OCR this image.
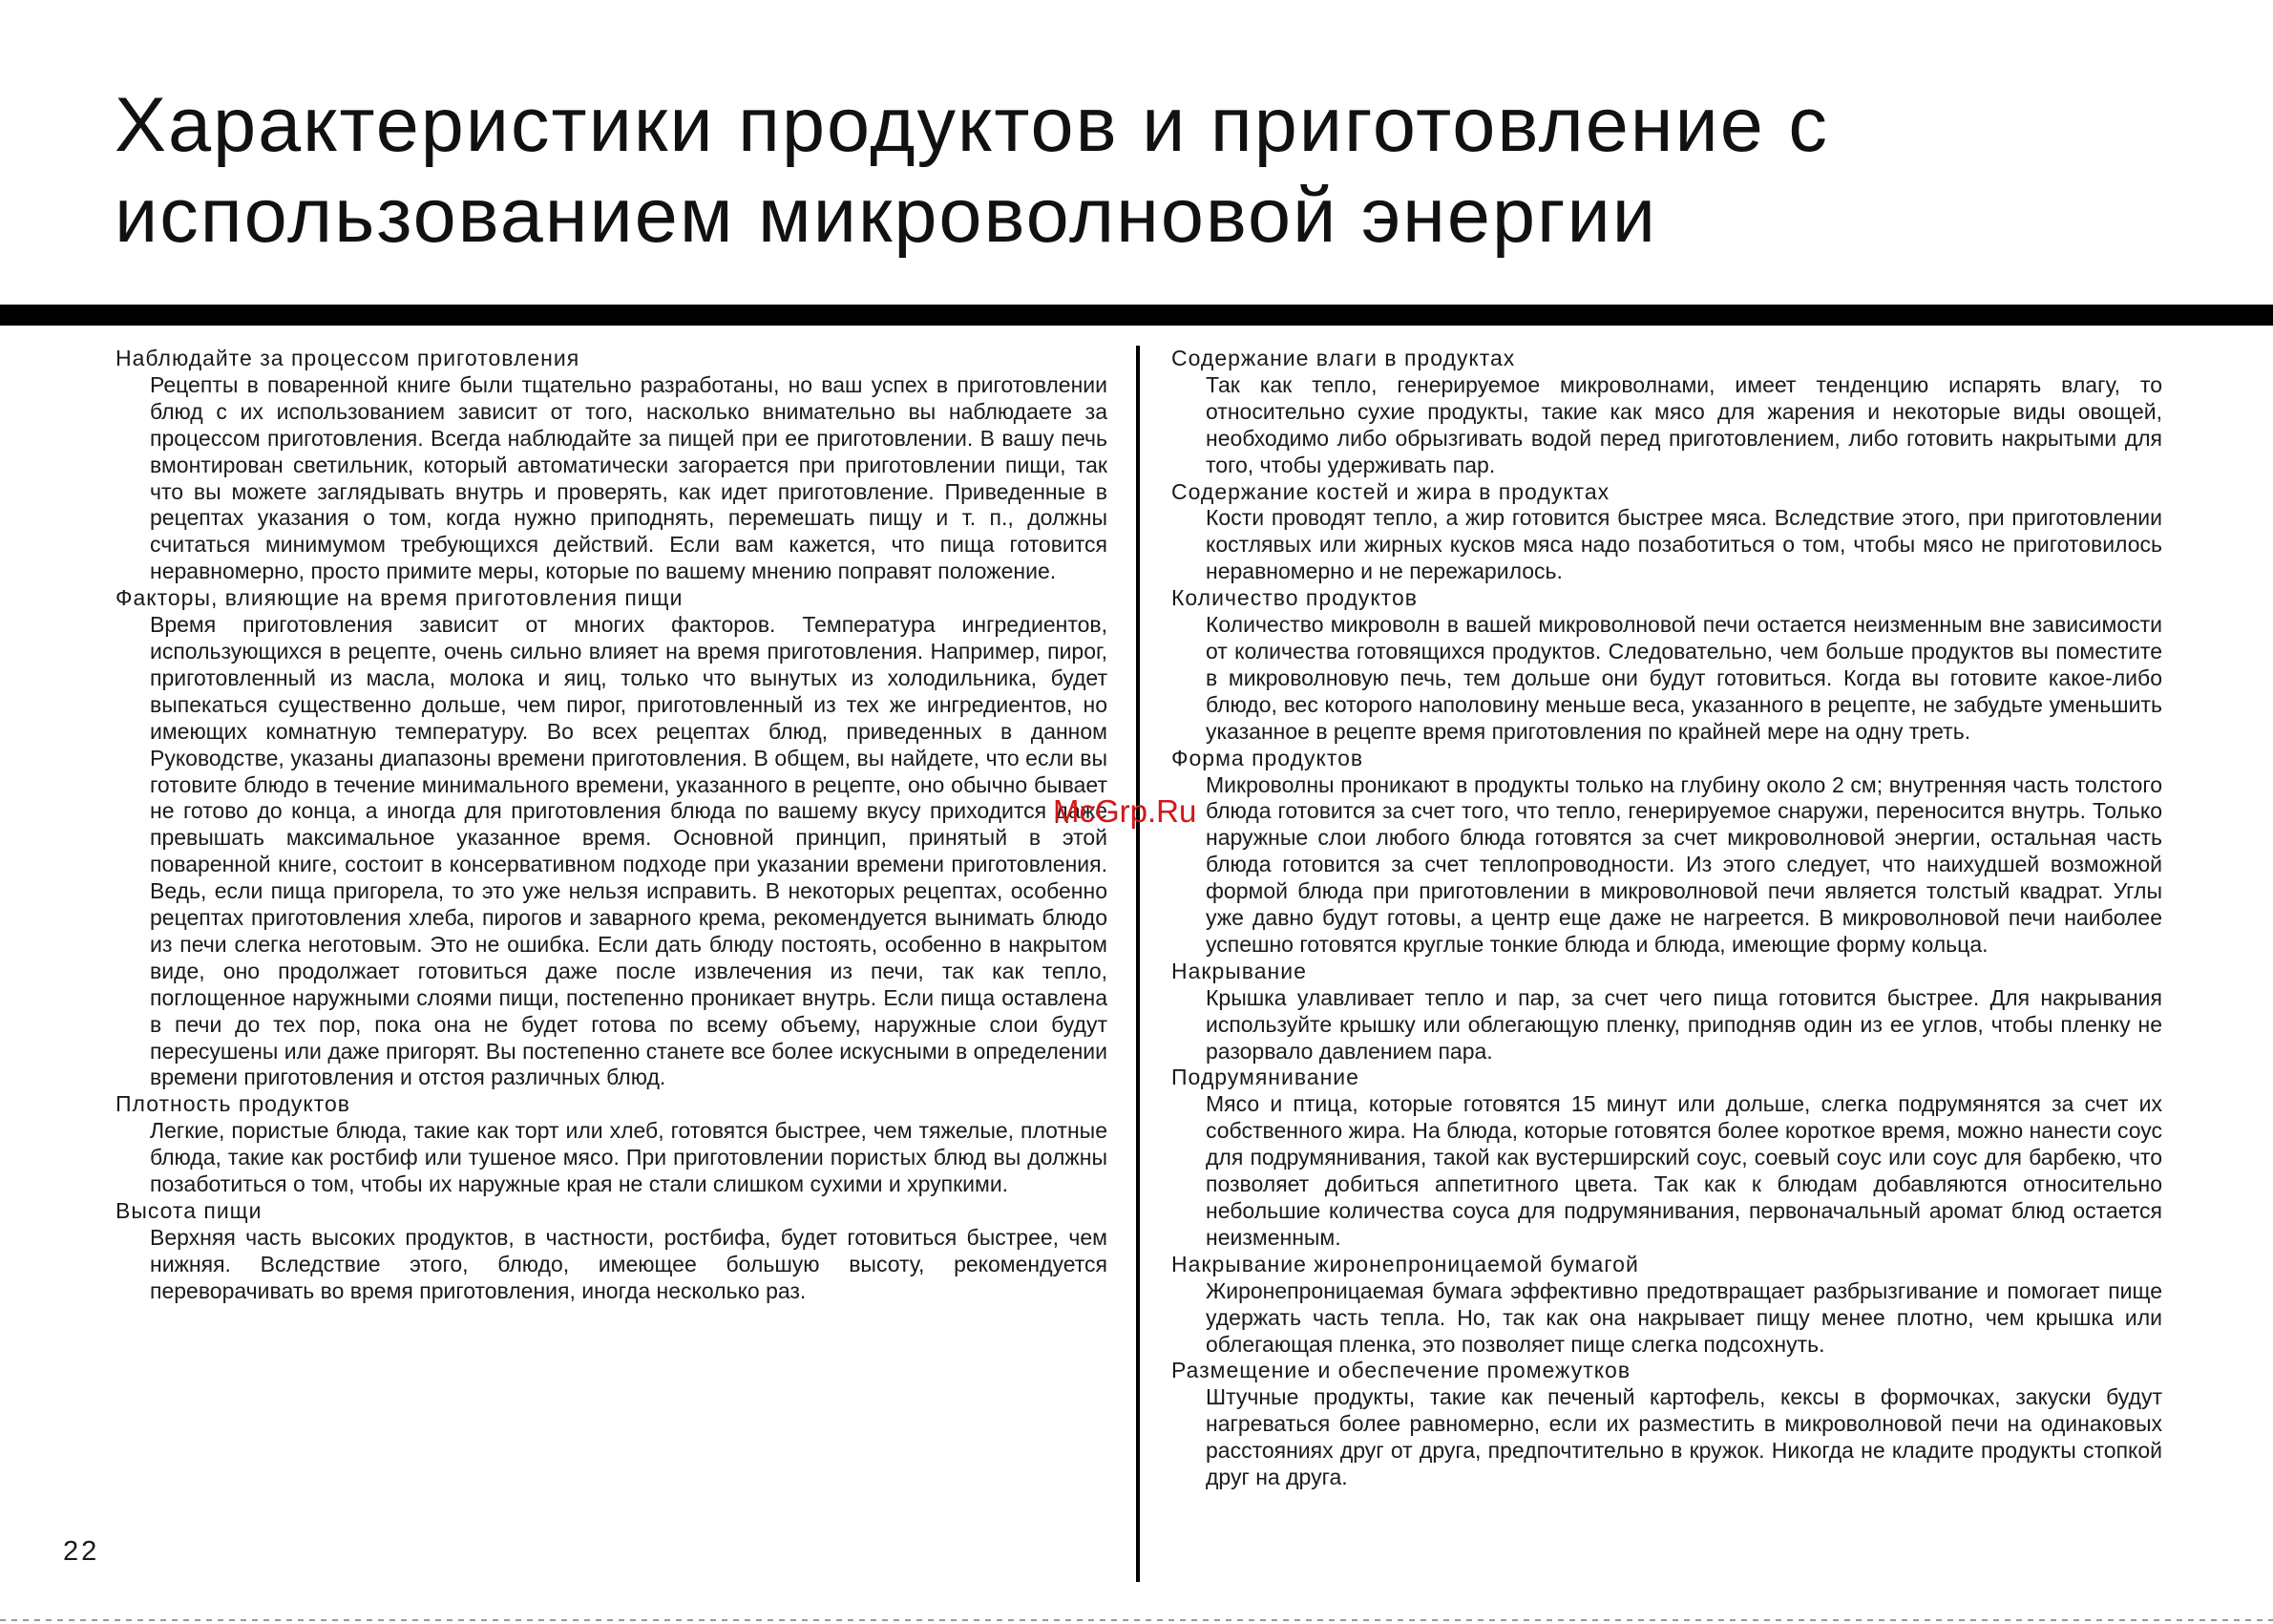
Характеристики продуктов и приготовление с использованием микроволновой энергии

Наблюдайте за процессом приготовления

Рецепты в поваренной книге были тщательно разработаны, но ваш успех в приготовлении блюд с их использованием зависит от того, насколько внимательно вы наблюдаете за процессом приготовления. Всегда наблюдайте за пищей при ее приготовлении. В вашу печь вмонтирован светильник, который автоматически загорается при приготовлении пищи, так что вы можете заглядывать внутрь и проверять, как идет приготовление. Приведенные в рецептах указания о том, когда нужно приподнять, перемешать пищу и т. п., должны считаться минимумом требующихся действий. Если вам кажется, что пища готовится неравномерно, просто примите меры, которые по вашему мнению поправят положение.

Факторы, влияющие на время приготовления пищи

Время приготовления зависит от многих факторов. Температура ингредиентов, использующихся в рецепте, очень сильно влияет на время приготовления. Например, пирог, приготовленный из масла, молока и яиц, только что вынутых из холодильника, будет выпекаться существенно дольше, чем пирог, приготовленный из тех же ингредиентов, но имеющих комнатную температуру. Во всех рецептах блюд, приведенных в данном Руководстве, указаны диапазоны времени приготовления. В общем, вы найдете, что если вы готовите блюдо в течение минимального времени, указанного в рецепте, оно обычно бывает не готово до конца, а иногда для приготовления блюда по вашему вкусу приходится даже превышать максимальное указанное время. Основной принцип, принятый в этой поваренной книге, состоит в консервативном подходе при указании времени приготовления. Ведь, если пища пригорела, то это уже нельзя исправить. В некоторых рецептах, особенно рецептах приготовления хлеба, пирогов и заварного крема, рекомендуется вынимать блюдо из печи слегка неготовым. Это не ошибка. Если дать блюду постоять, особенно в накрытом виде, оно продолжает готовиться даже после извлечения из печи, так как тепло, поглощенное наружными слоями пищи, постепенно проникает внутрь. Если пища оставлена в печи до тех пор, пока она не будет готова по всему объему, наружные слои будут пересушены или даже пригорят. Вы постепенно станете все более искусными в определении времени приготовления и отстоя различных блюд.

Плотность продуктов

Легкие, пористые блюда, такие как торт или хлеб, готовятся быстрее, чем тяжелые, плотные блюда, такие как ростбиф или тушеное мясо. При приготовлении пористых блюд вы должны позаботиться о том, чтобы их наружные края не стали слишком сухими и хрупкими.

Высота пищи

Верхняя часть высоких продуктов, в частности, ростбифа, будет готовиться быстрее, чем нижняя. Вследствие этого, блюдо, имеющее большую высоту, рекомендуется переворачивать во время приготовления, иногда несколько раз.

Содержание влаги в продуктах

Так как тепло, генерируемое микроволнами, имеет тенденцию испарять влагу, то относительно сухие продукты, такие как мясо для жарения и некоторые виды овощей, необходимо либо обрызгивать водой перед приготовлением, либо готовить накрытыми для того, чтобы удерживать пар.

Содержание костей и жира в продуктах

Кости проводят тепло, а жир готовится быстрее мяса. Вследствие этого, при приготовлении костлявых или жирных кусков мяса надо позаботиться о том, чтобы мясо не приготовилось неравномерно и не пережарилось.

Количество продуктов

Количество микроволн в вашей микроволновой печи остается неизменным вне зависимости от количества готовящихся продуктов. Следовательно, чем больше продуктов вы поместите в микроволновую печь, тем дольше они будут готовиться. Когда вы готовите какое-либо блюдо, вес которого наполовину меньше веса, указанного в рецепте, не забудьте уменьшить указанное в рецепте время приготовления по крайней мере на одну треть.

Форма продуктов

Микроволны проникают в продукты только на глубину около 2 см; внутренняя часть толстого блюда готовится за счет того, что тепло, генерируемое снаружи, переносится внутрь. Только наружные слои любого блюда готовятся за счет микроволновой энергии, остальная часть блюда готовится за счет теплопроводности. Из этого следует, что наихудшей возможной формой блюда при приготовлении в микроволновой печи является толстый квадрат. Углы уже давно будут готовы, а центр еще даже не нагреется. В микроволновой печи наиболее успешно готовятся круглые тонкие блюда и блюда, имеющие форму кольца.

Накрывание

Крышка улавливает тепло и пар, за счет чего пища готовится быстрее. Для накрывания используйте крышку или облегающую пленку, приподняв один из ее углов, чтобы пленку не разорвало давлением пара.

Подрумянивание

Мясо и птица, которые готовятся 15 минут или дольше, слегка подрумянятся за счет их собственного жира. На блюда, которые готовятся более короткое время, можно нанести соус для подрумянивания, такой как вустерширский соус, соевый соус или соус для барбекю, что позволяет добиться аппетитного цвета. Так как к блюдам добавляются относительно небольшие количества соуса для подрумянивания, первоначальный аромат блюд остается неизменным.

Накрывание жиронепроницаемой бумагой

Жиронепроницаемая бумага эффективно предотвращает разбрызгивание и помогает пище удержать часть тепла. Но, так как она накрывает пищу менее плотно, чем крышка или облегающая пленка, это позволяет пище слегка подсохнуть.

Размещение и обеспечение промежутков

Штучные продукты, такие как печеный картофель, кексы в формочках, закуски будут нагреваться более равномерно, если их разместить в микроволновой печи на одинаковых расстояниях друг от друга, предпочтительно в кружок. Никогда не кладите продукты стопкой друг на друга.

McGrp.Ru
22
